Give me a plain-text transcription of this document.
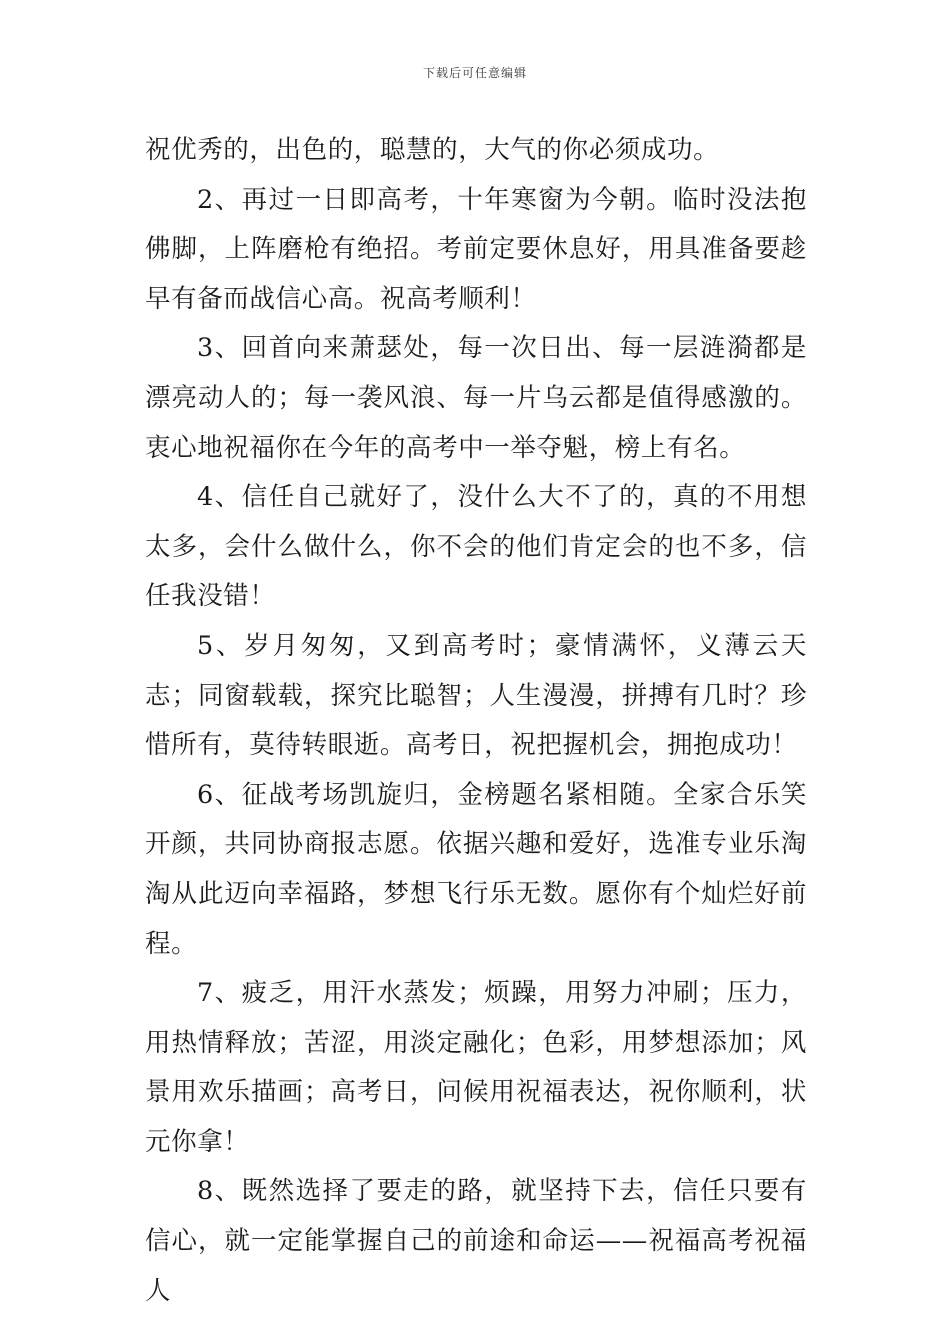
下载后可任意编辑

祝优秀的，出色的，聪慧的，大气的你必须成功。

2、再过一日即高考，十年寒窗为今朝。临时没法抱佛脚，上阵磨枪有绝招。考前定要休息好，用具准备要趁早有备而战信心高。祝高考顺利！

3、回首向来萧瑟处，每一次日出、每一层涟漪都是漂亮动人的；每一袭风浪、每一片乌云都是值得感激的。衷心地祝福你在今年的高考中一举夺魁，榜上有名。

4、信任自己就好了，没什么大不了的，真的不用想太多，会什么做什么，你不会的他们肯定会的也不多，信任我没错！

5、岁月匆匆，又到高考时；豪情满怀，义薄云天志；同窗载载，探究比聪智；人生漫漫，拼搏有几时？珍惜所有，莫待转眼逝。高考日，祝把握机会，拥抱成功！

6、征战考场凯旋归，金榜题名紧相随。全家合乐笑开颜，共同协商报志愿。依据兴趣和爱好，选准专业乐淘淘从此迈向幸福路，梦想飞行乐无数。愿你有个灿烂好前程。

7、疲乏，用汗水蒸发；烦躁，用努力冲刷；压力，用热情释放；苦涩，用淡定融化；色彩，用梦想添加；风景用欢乐描画；高考日，问候用祝福表达，祝你顺利，状元你拿！

8、既然选择了要走的路，就坚持下去，信任只要有信心，就一定能掌握自己的前途和命运——祝福高考祝福人
